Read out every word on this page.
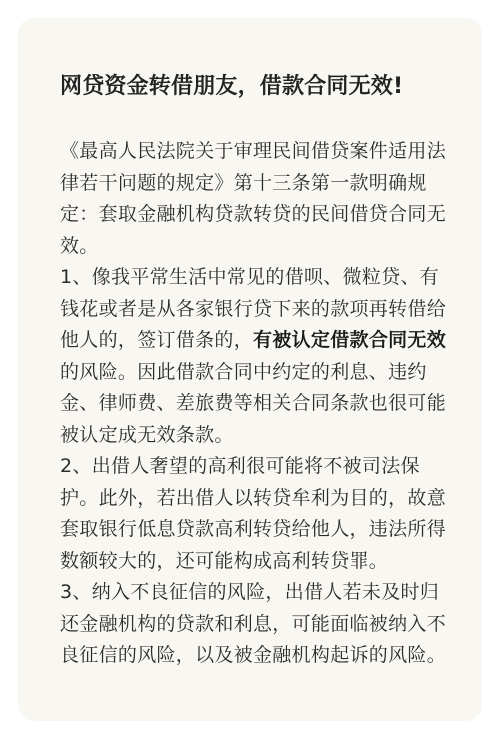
网贷资金转借朋友，借款合同无效!
《最高人民法院关于审理民间借贷案件适用法律若干问题的规定》第十三条第一款明确规定：套取金融机构贷款转贷的民间借贷合同无效。
1、像我平常生活中常见的借呗、微粒贷、有钱花或者是从各家银行贷下来的款项再转借给他人的，签订借条的，有被认定借款合同无效的风险。因此借款合同中约定的利息、违约金、律师费、差旅费等相关合同条款也很可能被认定成无效条款。
2、出借人奢望的高利很可能将不被司法保护。此外，若出借人以转贷牟利为目的，故意套取银行低息贷款高利转贷给他人，违法所得数额较大的，还可能构成高利转贷罪。
3、纳入不良征信的风险，出借人若未及时归还金融机构的贷款和利息，可能面临被纳入不良征信的风险，以及被金融机构起诉的风险。
